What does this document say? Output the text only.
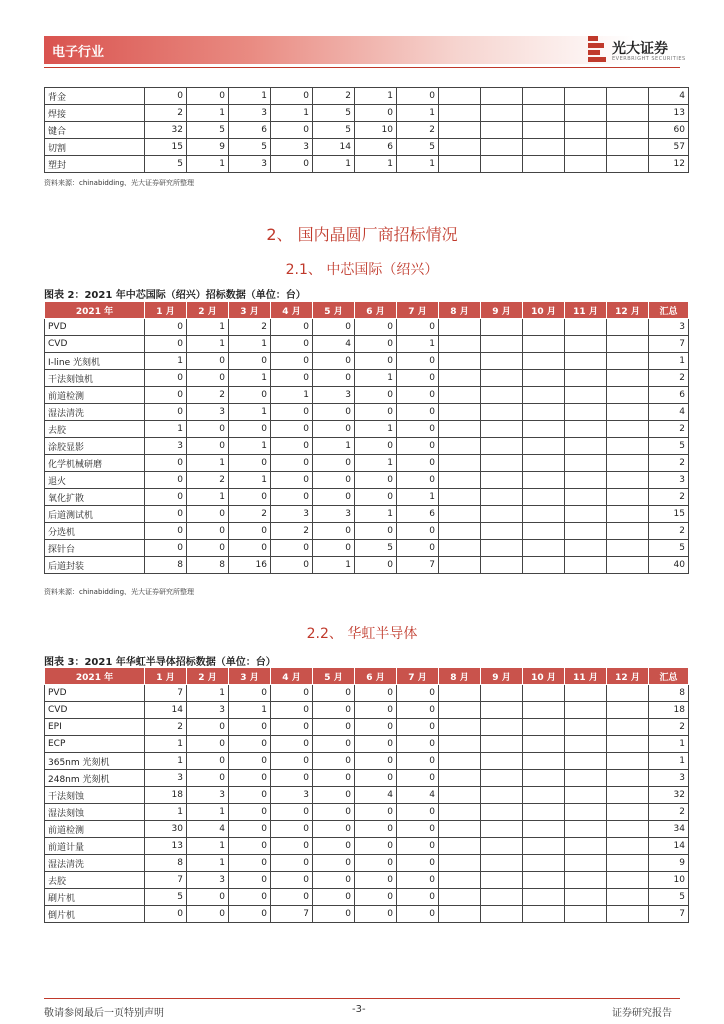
电子行业	光大证券
EVERBRIGHT SECURITIES
背金	0	0	1	0	2	1	0						4
焊接	2	1	3	1	5	0	1						13
键合	32	5	6	0	5	10	2						60
切割	15	9	5	3	14	6	5						57
塑封	5	1	3	0	1	1	1						12
资料来源：chinabidding、光大证券研究所整理
2、 国内晶圆厂商招标情况
2.1、 中芯国际（绍兴）
图表 2：2021 年中芯国际（绍兴）招标数据（单位：台）
2021 年	1 月	2 月	3 月	4 月	5 月	6 月	7 月	8 月	9 月	10 月	11 月	12 月	汇总
PVD	0	1	2	0	0	0	0						3
CVD	0	1	1	0	4	0	1						7
I-line 光刻机	1	0	0	0	0	0	0						1
干法刻蚀机	0	0	1	0	0	1	0						2
前道检测	0	2	0	1	3	0	0						6
湿法清洗	0	3	1	0	0	0	0						4
去胶	1	0	0	0	0	1	0						2
涂胶显影	3	0	1	0	1	0	0						5
化学机械研磨	0	1	0	0	0	1	0						2
退火	0	2	1	0	0	0	0						3
氧化扩散	0	1	0	0	0	0	1						2
后道测试机	0	0	2	3	3	1	6						15
分选机	0	0	0	2	0	0	0						2
探针台	0	0	0	0	0	5	0						5
后道封装	8	8	16	0	1	0	7						40
资料来源：chinabidding、光大证券研究所整理
2.2、 华虹半导体
图表 3：2021 年华虹半导体招标数据（单位：台）
2021 年	1 月	2 月	3 月	4 月	5 月	6 月	7 月	8 月	9 月	10 月	11 月	12 月	汇总
PVD	7	1	0	0	0	0	0						8
CVD	14	3	1	0	0	0	0						18
EPI	2	0	0	0	0	0	0						2
ECP	1	0	0	0	0	0	0						1
365nm 光刻机	1	0	0	0	0	0	0						1
248nm 光刻机	3	0	0	0	0	0	0						3
干法刻蚀	18	3	0	3	0	4	4						32
湿法刻蚀	1	1	0	0	0	0	0						2
前道检测	30	4	0	0	0	0	0						34
前道计量	13	1	0	0	0	0	0						14
湿法清洗	8	1	0	0	0	0	0						9
去胶	7	3	0	0	0	0	0						10
刷片机	5	0	0	0	0	0	0						5
倒片机	0	0	0	7	0	0	0						7
敬请参阅最后一页特别声明	-3-	证券研究报告
